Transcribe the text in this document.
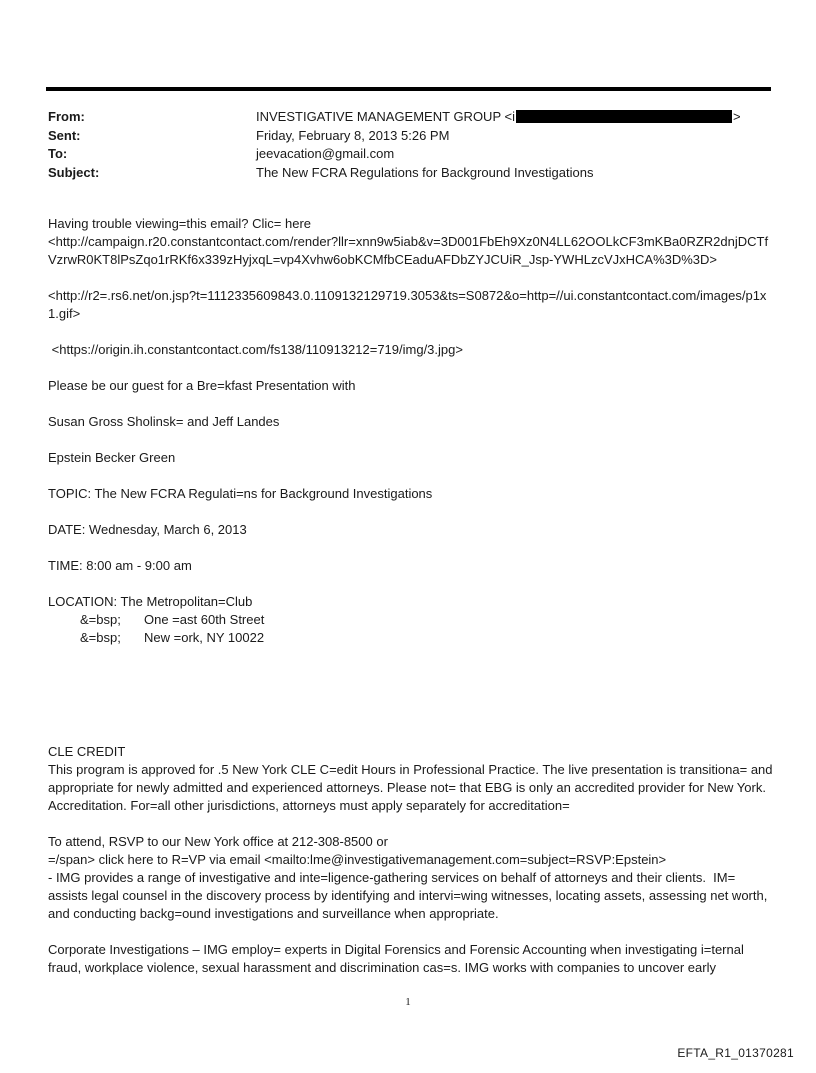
From:	INVESTIGATIVE MANAGEMENT GROUP <i	>
Sent:	Friday, February 8, 2013 5:26 PM
To:	jeevacation@gmail.com
Subject:	The New FCRA Regulations for Background Investigations

Having trouble viewing=this email? Clic= here
<http://campaign.r20.constantcontact.com/render?llr=xnn9w5iab&v=3D001FbEh9Xz0N4LL62OOLkCF3mKBa0RZR2dnjDCTfVzrwR0KT8lPsZqo1rRKf6x339zHyjxqL=vp4Xvhw6obKCMfbCEaduAFDbZYJCUiR_Jsp-YWHLzcVJxHCA%3D%3D>

<http://r2=.rs6.net/on.jsp?t=1112335609843.0.1109132129719.3053&ts=S0872&o=http=//ui.constantcontact.com/images/p1x1.gif>

<https://origin.ih.constantcontact.com/fs138/110913212=719/img/3.jpg>

Please be our guest for a Bre=kfast Presentation with

Susan Gross Sholinsk= and Jeff Landes

Epstein Becker Green

TOPIC: The New FCRA Regulati=ns for Background Investigations

DATE: Wednesday, March 6, 2013

TIME: 8:00 am - 9:00 am

LOCATION: The Metropolitan=Club
&=bsp;	One =ast 60th Street
&=bsp;	New =ork, NY 10022
CLE CREDIT

This program is approved for .5 New York CLE C=edit Hours in Professional Practice. The live presentation is transitiona= and appropriate for newly admitted and experienced attorneys. Please not= that EBG is only an accredited provider for New York. Accreditation. For=all other jurisdictions, attorneys must apply separately for accreditation=

To attend, RSVP to our New York office at 212-308-8500 or
=/span> click here to R=VP via email <mailto:lme@investigativemanagement.com=subject=RSVP:Epstein>

- IMG provides a range of investigative and inte=ligence-gathering services on behalf of attorneys and their clients.  IM= assists legal counsel in the discovery process by identifying and intervi=wing witnesses, locating assets, assessing net worth, and conducting backg=ound investigations and surveillance when appropriate.

Corporate Investigations – IMG employ= experts in Digital Forensics and Forensic Accounting when investigating i=ternal fraud, workplace violence, sexual harassment and discrimination cas=s. IMG works with companies to uncover early

1
EFTA_R1_01370281
